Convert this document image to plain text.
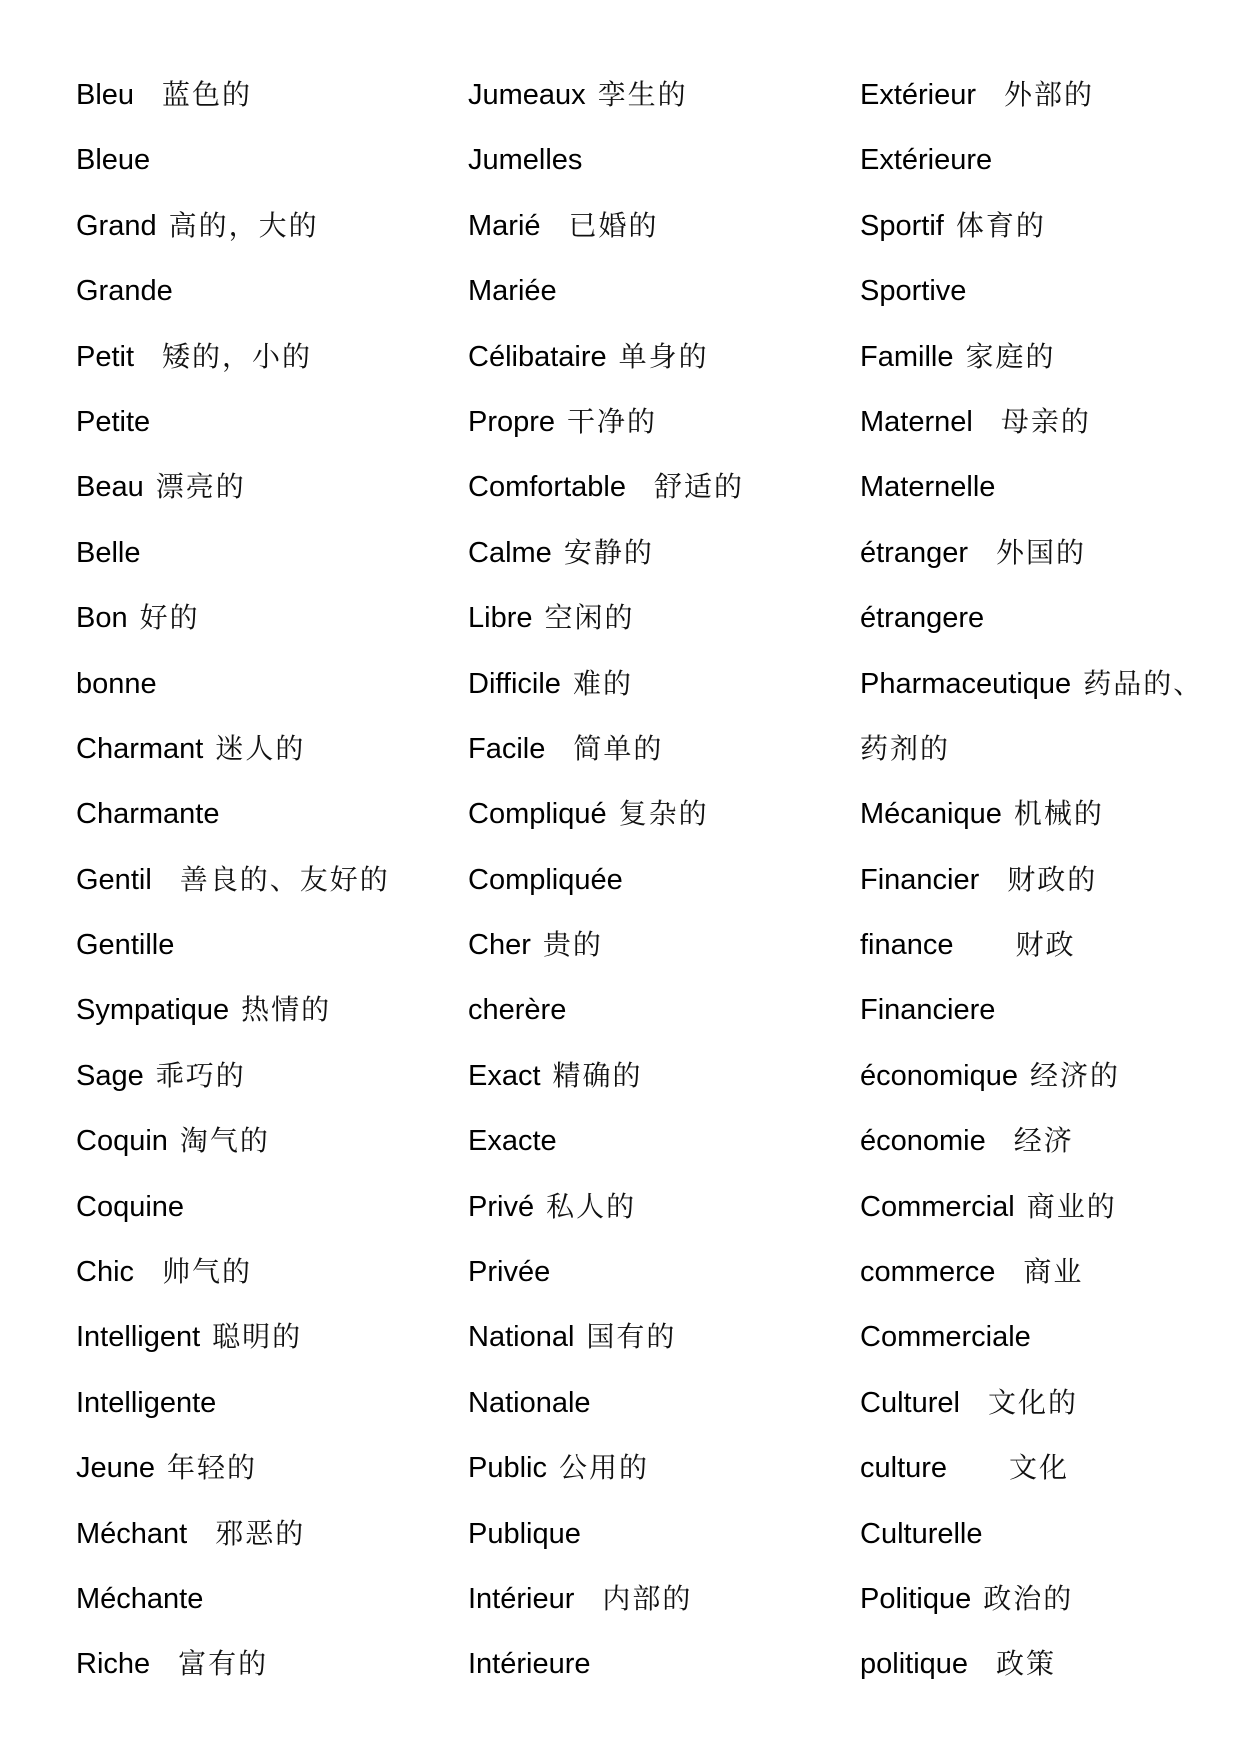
Bleu 蓝色的
Bleue
Grand 高的，大的
Grande
Petit 矮的，小的
Petite
Beau 漂亮的
Belle
Bon 好的
bonne
Charmant 迷人的
Charmante
Gentil 善良的、友好的
Gentille
Sympatique 热情的
Sage 乖巧的
Coquin 淘气的
Coquine
Chic 帅气的
Intelligent 聪明的
Intelligente
Jeune 年轻的
Méchant 邪恶的
Méchante
Riche 富有的
Jumeaux 孪生的
Jumelles
Marié 已婚的
Mariée
Célibataire 单身的
Propre 干净的
Comfortable 舒适的
Calme 安静的
Libre 空闲的
Difficile 难的
Facile 简单的
Compliqué 复杂的
Compliquée
Cher 贵的
cherère
Exact 精确的
Exacte
Privé 私人的
Privée
National 国有的
Nationale
Public 公用的
Publique
Intérieur 内部的
Intérieure
Extérieur 外部的
Extérieure
Sportif 体育的
Sportive
Famille 家庭的
Maternel 母亲的
Maternelle
étranger 外国的
étrangere
Pharmaceutique 药品的、
药剂的
Mécanique 机械的
Financier 财政的
finance 财政
Financiere
économique 经济的
économie 经济
Commercial 商业的
commerce 商业
Commerciale
Culturel 文化的
culture 文化
Culturelle
Politique 政治的
politique 政策
